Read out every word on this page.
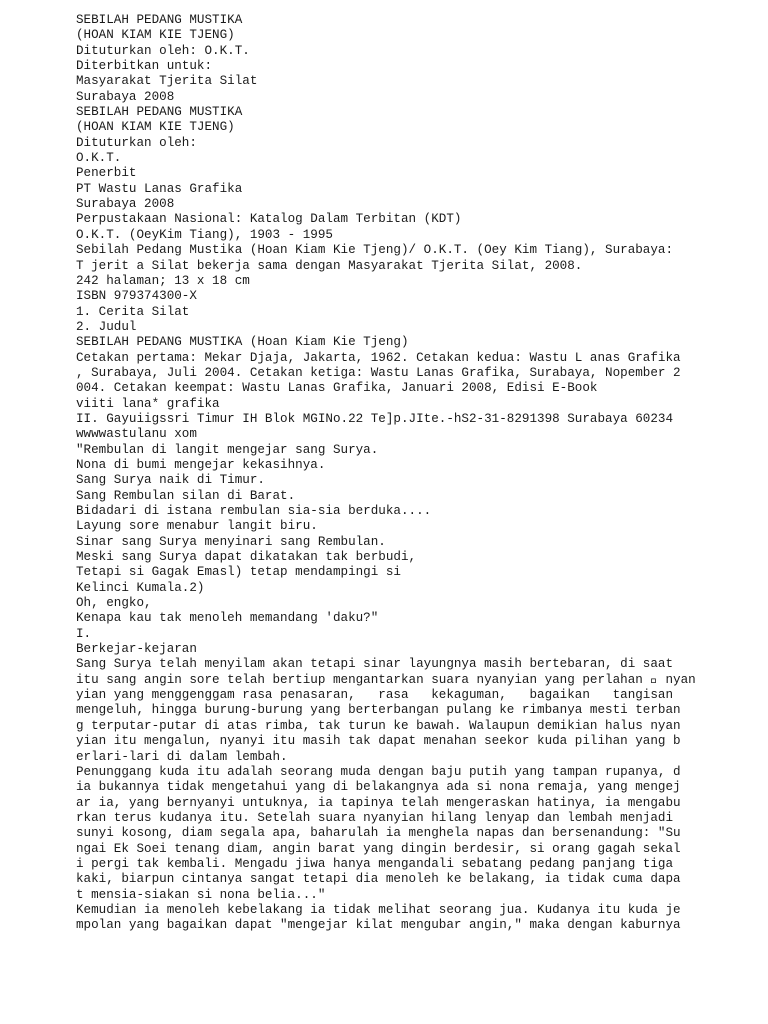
SEBILAH PEDANG MUSTIKA
(HOAN KIAM KIE TJENG)
Dituturkan oleh: O.K.T.
Diterbitkan untuk:
Masyarakat Tjerita Silat
Surabaya 2008
SEBILAH PEDANG MUSTIKA
(HOAN KIAM KIE TJENG)
Dituturkan oleh:
O.K.T.
Penerbit
PT Wastu Lanas Grafika
Surabaya 2008
Perpustakaan Nasional: Katalog Dalam Terbitan (KDT)
O.K.T. (OeyKim Tiang), 1903 - 1995
Sebilah Pedang Mustika (Hoan Kiam Kie Tjeng)/ O.K.T. (Oey Kim Tiang), Surabaya:
T jerit a Silat bekerja sama dengan Masyarakat Tjerita Silat, 2008.
242 halaman; 13 x 18 cm
ISBN 979374300-X
1. Cerita Silat
2. Judul
SEBILAH PEDANG MUSTIKA (Hoan Kiam Kie Tjeng)
Cetakan pertama: Mekar Djaja, Jakarta, 1962. Cetakan kedua: Wastu L anas Grafika
, Surabaya, Juli 2004. Cetakan ketiga: Wastu Lanas Grafika, Surabaya, Nopember 2
004. Cetakan keempat: Wastu Lanas Grafika, Januari 2008, Edisi E-Book
viiti lana* grafika
II. Gayuiigssri Timur IH Blok MGINo.22 Te]p.JIte.-hS2-31-8291398 Surabaya 60234
wwwwastulanu xom
"Rembulan di langit mengejar sang Surya.
Nona di bumi mengejar kekasihnya.
Sang Surya naik di Timur.
Sang Rembulan silan di Barat.
Bidadari di istana rembulan sia-sia berduka....
Layung sore menabur langit biru.
Sinar sang Surya menyinari sang Rembulan.
Meski sang Surya dapat dikatakan tak berbudi,
Tetapi si Gagak Emasl) tetap mendampingi si
Kelinci Kumala.2)
Oh, engko,
Kenapa kau tak menoleh memandang 'daku?"
I.
Berkejar-kejaran
Sang Surya telah menyilam akan tetapi sinar layungnya masih bertebaran, di saat
itu sang angin sore telah bertiup mengantarkan suara nyanyian yang perlahan   nyan
yian yang menggenggam rasa penasaran,   rasa   kekaguman,   bagaikan   tangisan
mengeluh, hingga burung-burung yang berterbangan pulang ke rimbanya mesti terban
g terputar-putar di atas rimba, tak turun ke bawah. Walaupun demikian halus nyan
yian itu mengalun, nyanyi itu masih tak dapat menahan seekor kuda pilihan yang b
erlari-lari di dalam lembah.
Penunggang kuda itu adalah seorang muda dengan baju putih yang tampan rupanya, d
ia bukannya tidak mengetahui yang di belakangnya ada si nona remaja, yang mengej
ar ia, yang bernyanyi untuknya, ia tapinya telah mengeraskan hatinya, ia mengabu
rkan terus kudanya itu. Setelah suara nyanyian hilang lenyap dan lembah menjadi
sunyi kosong, diam segala apa, baharulah ia menghela napas dan bersenandung: "Su
ngai Ek Soei tenang diam, angin barat yang dingin berdesir, si orang gagah sekal
i pergi tak kembali. Mengadu jiwa hanya mengandali sebatang pedang panjang tiga
kaki, biarpun cintanya sangat tetapi dia menoleh ke belakang, ia tidak cuma dapa
t mensia-siakan si nona belia..."
Kemudian ia menoleh kebelakang ia tidak melihat seorang jua. Kudanya itu kuda je
mpolan yang bagaikan dapat "mengejar kilat mengubar angin," maka dengan kaburnya
